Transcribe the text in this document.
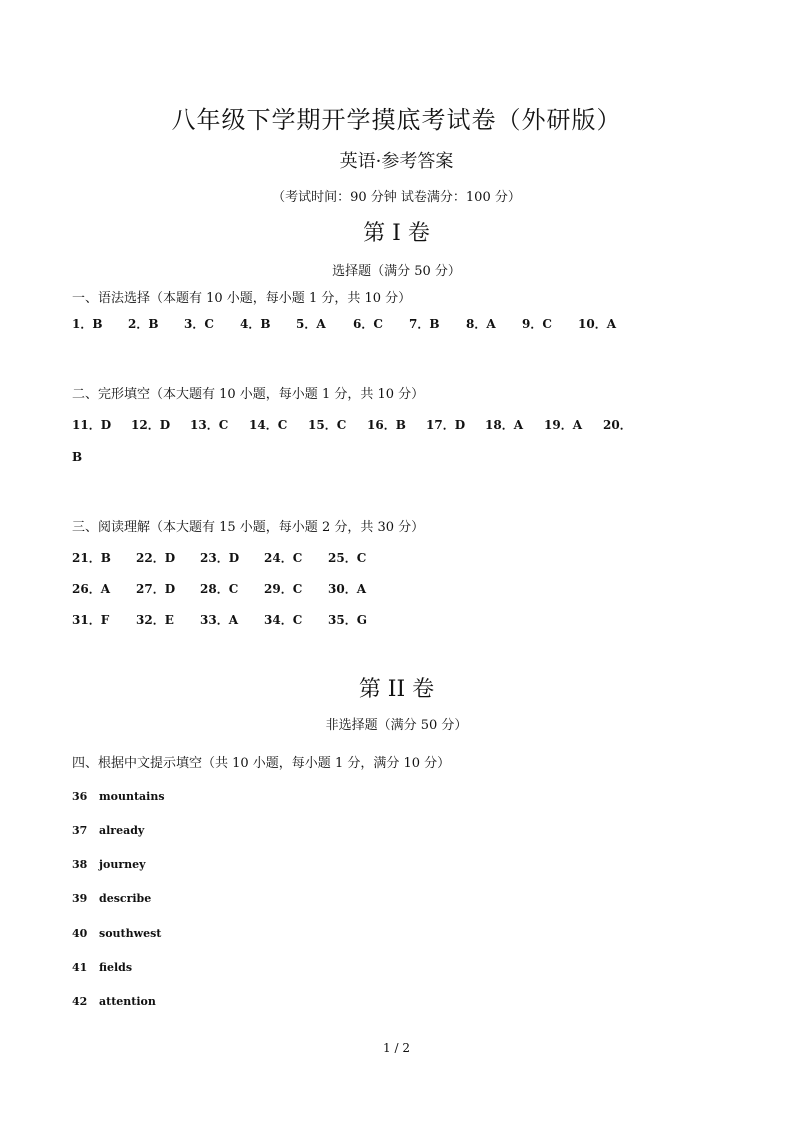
八年级下学期开学摸底考试卷（外研版）
英语·参考答案
（考试时间：90 分钟 试卷满分：100 分）
第 I 卷
选择题（满分 50 分）
一、语法选择（本题有 10 小题，每小题 1 分，共 10 分）
1．B 2．B 3．C 4．B 5．A 6．C 7．B 8．A 9．C 10．A
二、完形填空（本大题有 10 小题，每小题 1 分，共 10 分）
11．D 12．D 13．C 14．C 15．C 16．B 17．D 18．A 19．A 20．
B
三、阅读理解（本大题有 15 小题，每小题 2 分，共 30 分）
21．B 22．D 23．D 24．C 25．C
26．A 27．D 28．C 29．C 30．A
31．F 32．E 33．A 34．C 35．G
第 II 卷
非选择题（满分 50 分）
四、根据中文提示填空（共 10 小题，每小题 1 分，满分 10 分）
36 mountains
37 already
38 journey
39 describe
40 southwest
41 fields
42 attention
1 / 2
